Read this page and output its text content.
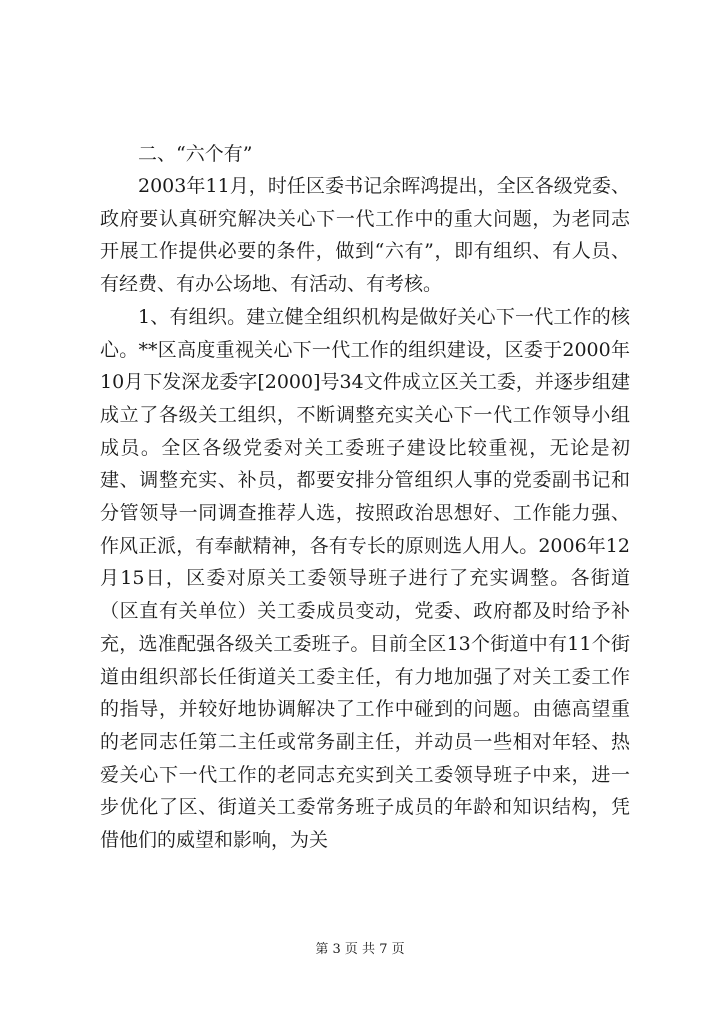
二、“六个有”

2003年11月，时任区委书记余晖鸿提出，全区各级党委、政府要认真研究解决关心下一代工作中的重大问题，为老同志开展工作提供必要的条件，做到“六有”，即有组织、有人员、有经费、有办公场地、有活动、有考核。

1、有组织。建立健全组织机构是做好关心下一代工作的核心。**区高度重视关心下一代工作的组织建设，区委于2000年10月下发深龙委字[2000]号34文件成立区关工委，并逐步组建成立了各级关工组织，不断调整充实关心下一代工作领导小组成员。全区各级党委对关工委班子建设比较重视，无论是初建、调整充实、补员，都要安排分管组织人事的党委副书记和分管领导一同调查推荐人选，按照政治思想好、工作能力强、作风正派，有奉献精神，各有专长的原则选人用人。2006年12月15日，区委对原关工委领导班子进行了充实调整。各街道（区直有关单位）关工委成员变动，党委、政府都及时给予补充，选准配强各级关工委班子。目前全区13个街道中有11个街道由组织部长任街道关工委主任，有力地加强了对关工委工作的指导，并较好地协调解决了工作中碰到的问题。由德高望重的老同志任第二主任或常务副主任，并动员一些相对年轻、热爱关心下一代工作的老同志充实到关工委领导班子中来，进一步优化了区、街道关工委常务班子成员的年龄和知识结构，凭借他们的威望和影响，为关

第 3 页 共 7 页
